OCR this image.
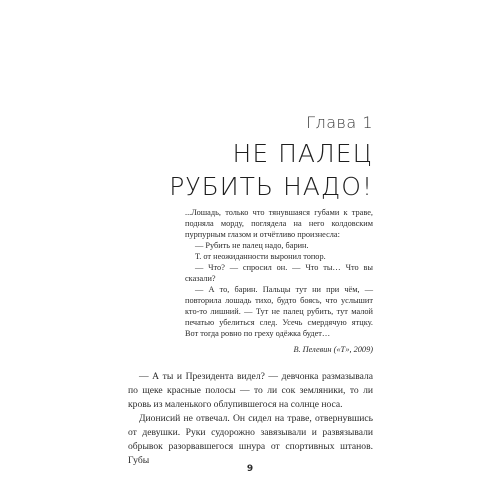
Глава 1
НЕ ПАЛЕЦ
РУБИТЬ НАДО!

...Лошадь, только что тянувшаяся губами к траве, подняла морду, поглядела на него колдовским пурпурным глазом и отчётливо произнесла:

— Рубить не палец надо, барин.

Т. от неожиданности выронил топор.

— Что? — спросил он. — Что ты… Что вы сказали?

— А то, барин. Пальцы тут ни при чём, — повторила лошадь тихо, будто боясь, что услышит кто-то лишний. — Тут не палец рубить, тут малой печатью убелиться след. Усечь смердячую ятцку. Вот тогда ровно по греху одёжка будет…

В. Пелевин («Т», 2009)

— А ты и Президента видел? — девчонка размазывала по щеке красные полосы — то ли сок земляники, то ли кровь из маленького облупившегося на солнце носа.

Дионисий не отвечал. Он сидел на траве, отвернувшись от девушки. Руки судорожно завязывали и развязывали обрывок разорвавшегося шнура от спортивных штанов. Губы

9
